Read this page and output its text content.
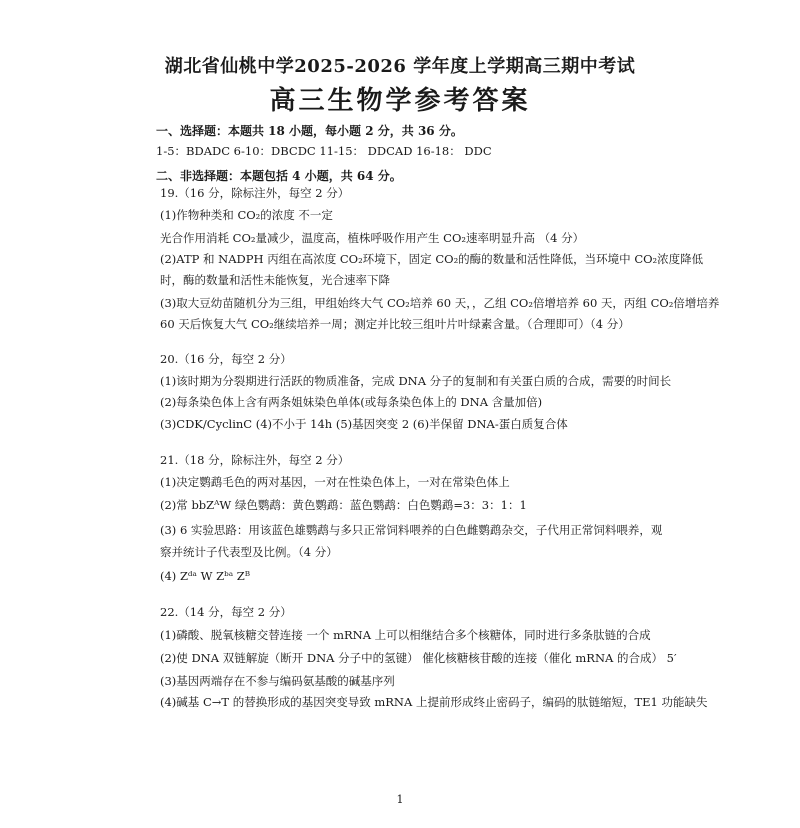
湖北省仙桃中学2025-2026 学年度上学期高三期中考试
高三生物学参考答案
一、选择题：本题共 18 小题，每小题 2 分，共 36 分。
1-5：BDADC 6-10：DBCDC 11-15： DDCAD 16-18： DDC
二、非选择题：本题包括 4 小题，共 64 分。
19.（16 分，除标注外，每空 2 分）
(1)作物种类和 CO₂的浓度 不一定
光合作用消耗 CO₂量减少，温度高，植株呼吸作用产生 CO₂速率明显升高 （4 分）
(2)ATP 和 NADPH 丙组在高浓度 CO₂环境下，固定 CO₂的酶的数量和活性降低，当环境中 CO₂浓度降低
时，酶的数量和活性未能恢复，光合速率下降
(3)取大豆幼苗随机分为三组，甲组始终大气 CO₂培养 60 天，，乙组 CO₂倍增培养 60 天，丙组 CO₂倍增培养
60 天后恢复大气 CO₂继续培养一周；测定并比较三组叶片叶绿素含量。（合理即可）（4 分）
20.（16 分，每空 2 分）
(1)该时期为分裂期进行活跃的物质准备，完成 DNA 分子的复制和有关蛋白质的合成，需要的时间长
(2)每条染色体上含有两条姐妹染色单体(或每条染色体上的 DNA 含量加倍)
(3)CDK/CyclinC (4)不小于 14h (5)基因突变 2 (6)半保留 DNA-蛋白质复合体
21.（18 分，除标注外，每空 2 分）
(1)决定鹦鹉毛色的两对基因，一对在性染色体上，一对在常染色体上
(2)常 bbZᴬW 绿色鹦鹉：黄色鹦鹉：蓝色鹦鹉：白色鹦鹉=3：3：1：1
(3) 6 实验思路：用该蓝色雄鹦鹉与多只正常饲料喂养的白色雌鹦鹉杂交，子代用正常饲料喂养，观
察并统计子代表型及比例。（4 分）
(4) Zᵈᵃ W Zᵇᵃ Zᴮ
22.（14 分，每空 2 分）
(1)磷酸、脱氧核糖交替连接 一个 mRNA 上可以相继结合多个核糖体，同时进行多条肽链的合成
(2)使 DNA 双链解旋（断开 DNA 分子中的氢键） 催化核糖核苷酸的连接（催化 mRNA 的合成） 5′
(3)基因两端存在不参与编码氨基酸的碱基序列
(4)碱基 C→T 的替换形成的基因突变导致 mRNA 上提前形成终止密码子，编码的肽链缩短，TE1 功能缺失
1
